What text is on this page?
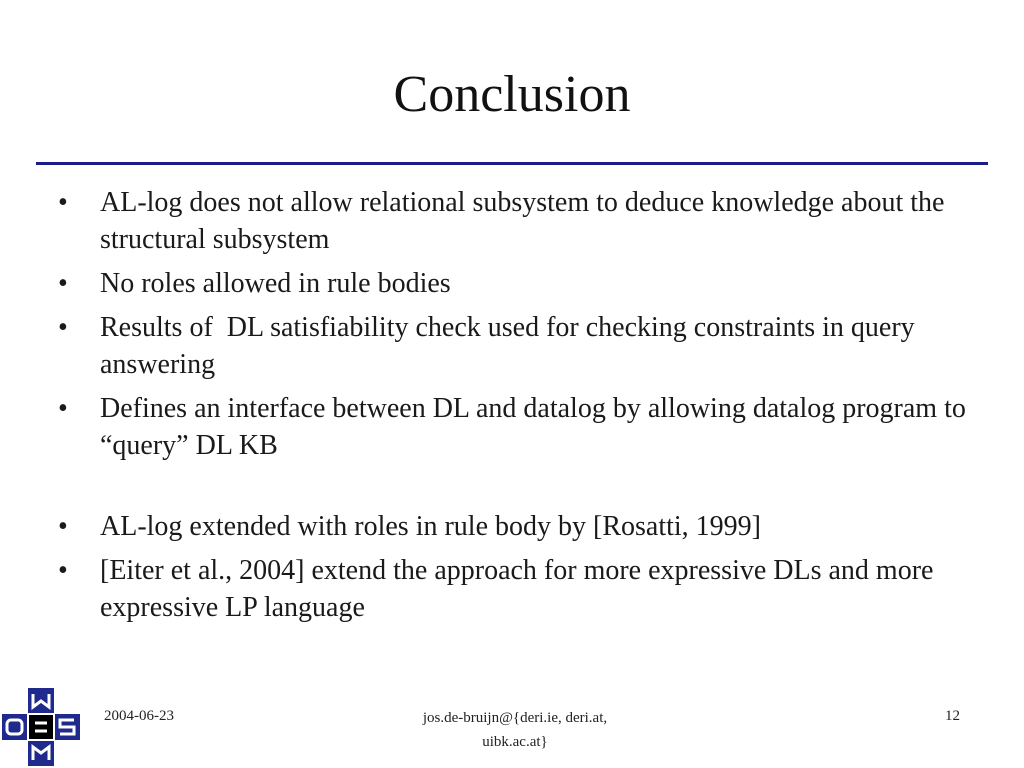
Conclusion
•	AL-log does not allow relational subsystem to deduce knowledge about the structural subsystem
•	No roles allowed in rule bodies
•	Results of  DL satisfiability check used for checking constraints in query answering
•	Defines an interface between DL and datalog by allowing datalog program to “query” DL KB
•	AL-log extended with roles in rule body by [Rosatti, 1999]
•	[Eiter et al., 2004] extend the approach for more expressive DLs and more expressive LP language
2004-06-23	jos.de-bruijn@{deri.ie, deri.at,
uibk.ac.at}
12
